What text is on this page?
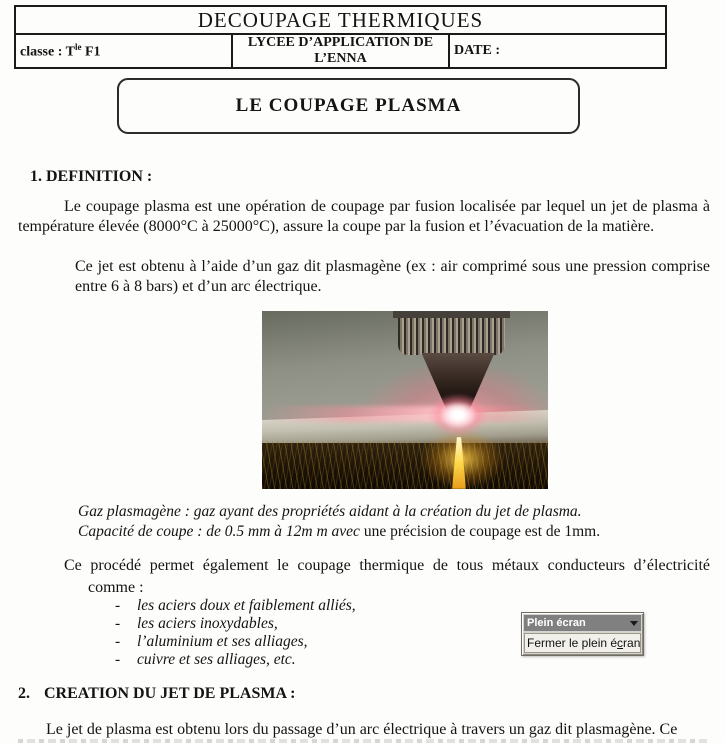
DECOUPAGE THERMIQUES
classe : $T^{le}$ F1	LYCEE D’APPLICATION DE L’ENNA	DATE :
LE COUPAGE PLASMA
1. DEFINITION :
Le coupage plasma est une opération de coupage par fusion localisée par lequel un jet de plasma à température élevée (8000°C à 25000°C), assure la coupe par la fusion et l’évacuation de la matière.
Ce jet est obtenu à l’aide d’un gaz dit plasmagène (ex : air comprimé sous une pression comprise entre 6 à 8 bars) et d’un arc électrique.
Gaz plasmagène : gaz ayant des propriétés aidant à la création du jet de plasma.
Capacité de coupe : de 0.5 mm à 12m m avec une précision de coupage est de 1mm.
Ce procédé permet également le coupage thermique de tous métaux conducteurs d’électricité
comme :
- les aciers doux et faiblement alliés,
- les aciers inoxydables,
- l’aluminium et ses alliages,
- cuivre et ses alliages, etc.
Plein écran
Fermer le plein écran
2. CREATION DU JET DE PLASMA :
Le jet de plasma est obtenu lors du passage d’un arc électrique à travers un gaz dit plasmagène. Ce
